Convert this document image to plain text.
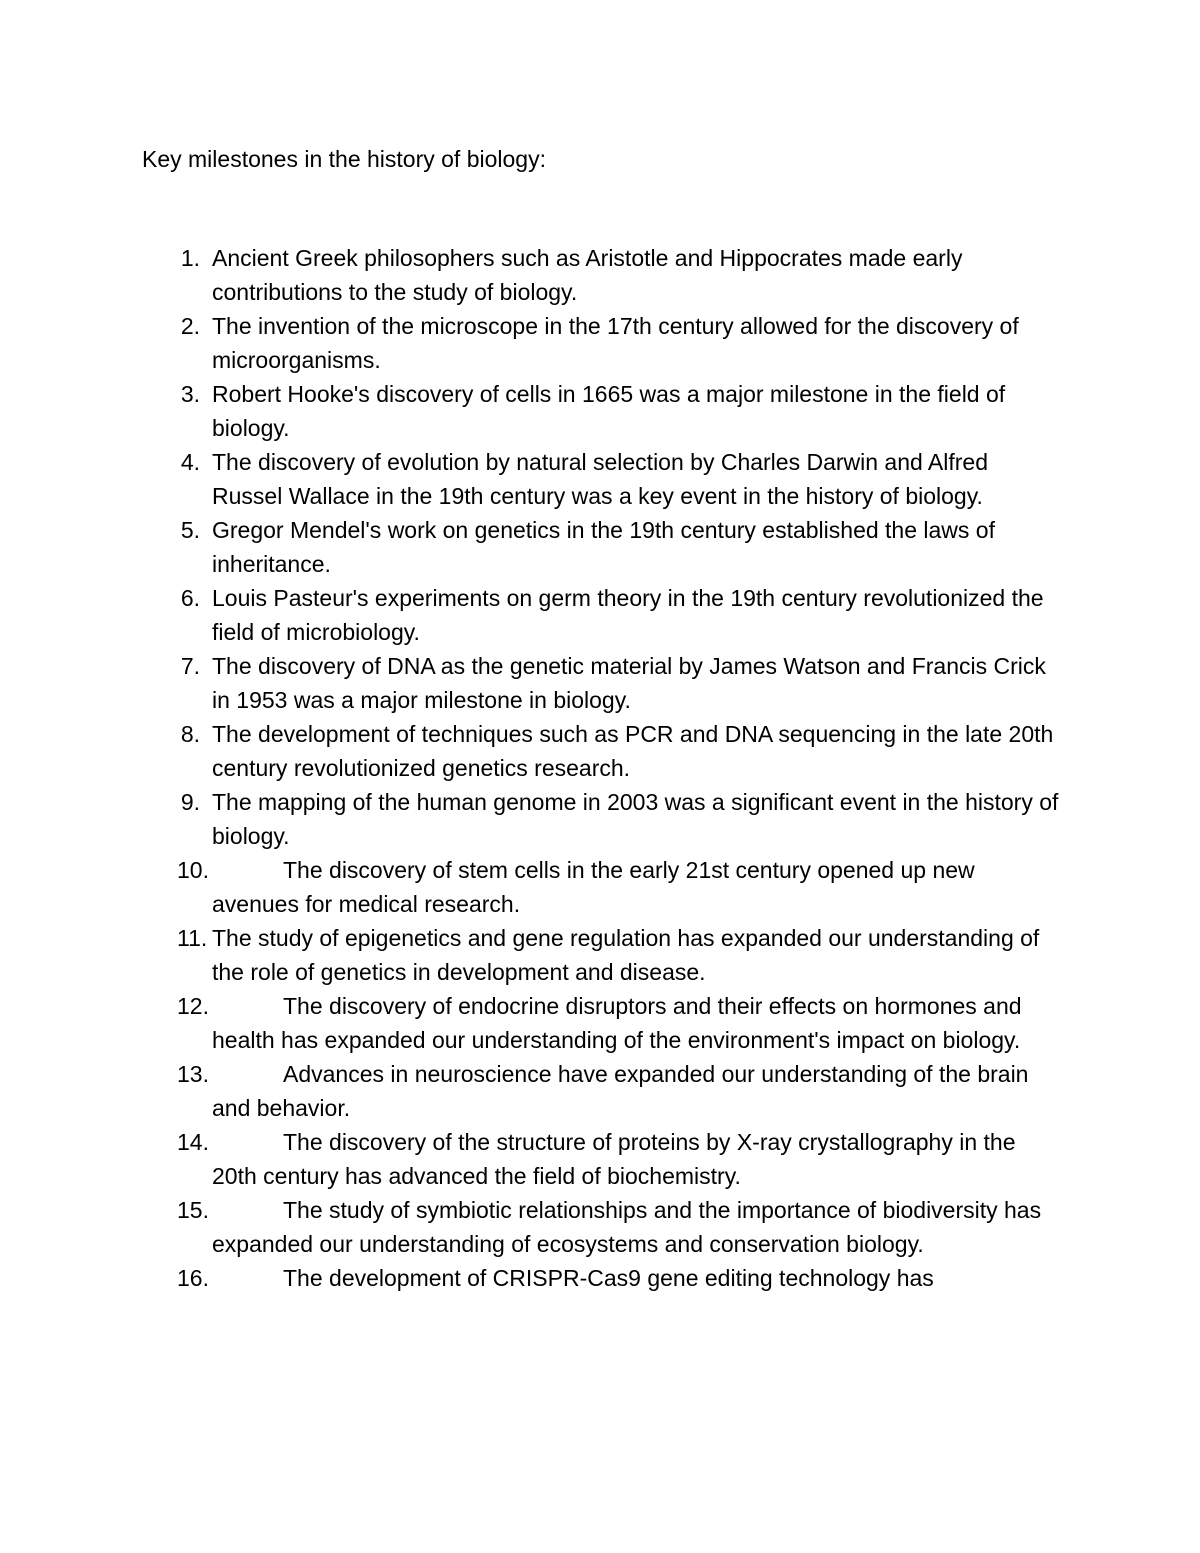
Key milestones in the history of biology:
1. Ancient Greek philosophers such as Aristotle and Hippocrates made early contributions to the study of biology.
2. The invention of the microscope in the 17th century allowed for the discovery of microorganisms.
3. Robert Hooke's discovery of cells in 1665 was a major milestone in the field of biology.
4. The discovery of evolution by natural selection by Charles Darwin and Alfred Russel Wallace in the 19th century was a key event in the history of biology.
5. Gregor Mendel's work on genetics in the 19th century established the laws of inheritance.
6. Louis Pasteur's experiments on germ theory in the 19th century revolutionized the field of microbiology.
7. The discovery of DNA as the genetic material by James Watson and Francis Crick in 1953 was a major milestone in biology.
8. The development of techniques such as PCR and DNA sequencing in the late 20th century revolutionized genetics research.
9. The mapping of the human genome in 2003 was a significant event in the history of biology.
10.	The discovery of stem cells in the early 21st century opened up new avenues for medical research.
11. The study of epigenetics and gene regulation has expanded our understanding of the role of genetics in development and disease.
12.	The discovery of endocrine disruptors and their effects on hormones and health has expanded our understanding of the environment's impact on biology.
13.	Advances in neuroscience have expanded our understanding of the brain and behavior.
14.	The discovery of the structure of proteins by X-ray crystallography in the 20th century has advanced the field of biochemistry.
15.	The study of symbiotic relationships and the importance of biodiversity has expanded our understanding of ecosystems and conservation biology.
16.	The development of CRISPR-Cas9 gene editing technology has
